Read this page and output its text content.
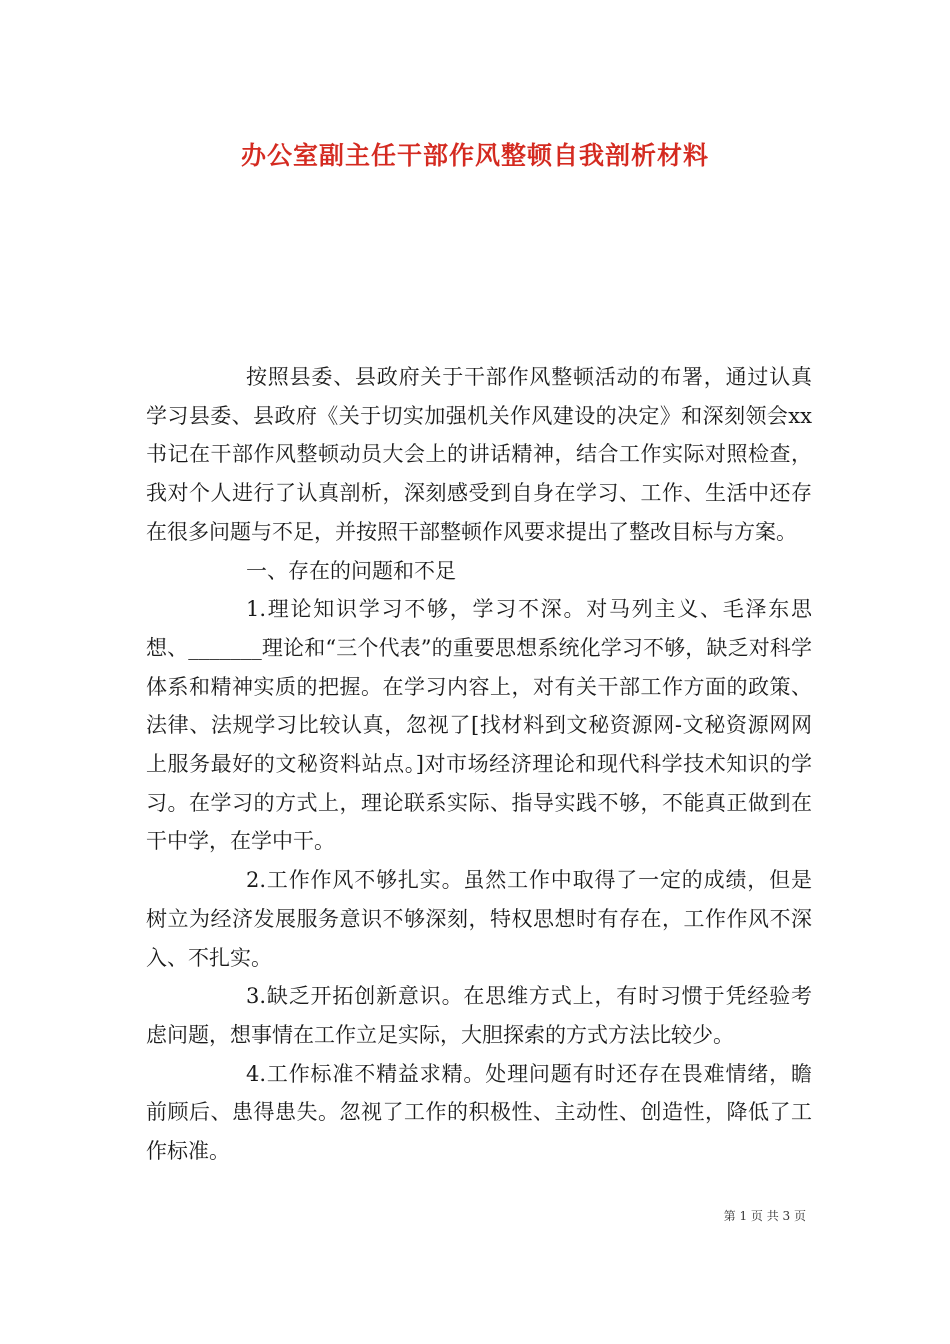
办公室副主任干部作风整顿自我剖析材料

按照县委、县政府关于干部作风整顿活动的布署，通过认真学习县委、县政府《关于切实加强机关作风建设的决定》和深刻领会xx书记在干部作风整顿动员大会上的讲话精神，结合工作实际对照检查，我对个人进行了认真剖析，深刻感受到自身在学习、工作、生活中还存在很多问题与不足，并按照干部整顿作风要求提出了整改目标与方案。

一、存在的问题和不足

1.理论知识学习不够，学习不深。对马列主义、毛泽东思想、_______理论和“三个代表”的重要思想系统化学习不够，缺乏对科学体系和精神实质的把握。在学习内容上，对有关干部工作方面的政策、法律、法规学习比较认真，忽视了[找材料到文秘资源网-文秘资源网网上服务最好的文秘资料站点。]对市场经济理论和现代科学技术知识的学习。在学习的方式上，理论联系实际、指导实践不够，不能真正做到在干中学，在学中干。

2.工作作风不够扎实。虽然工作中取得了一定的成绩，但是树立为经济发展服务意识不够深刻，特权思想时有存在，工作作风不深入、不扎实。

3.缺乏开拓创新意识。在思维方式上，有时习惯于凭经验考虑问题，想事情在工作立足实际，大胆探索的方式方法比较少。

4.工作标准不精益求精。处理问题有时还存在畏难情绪，瞻前顾后、患得患失。忽视了工作的积极性、主动性、创造性，降低了工作标准。

第 1 页 共 3 页
